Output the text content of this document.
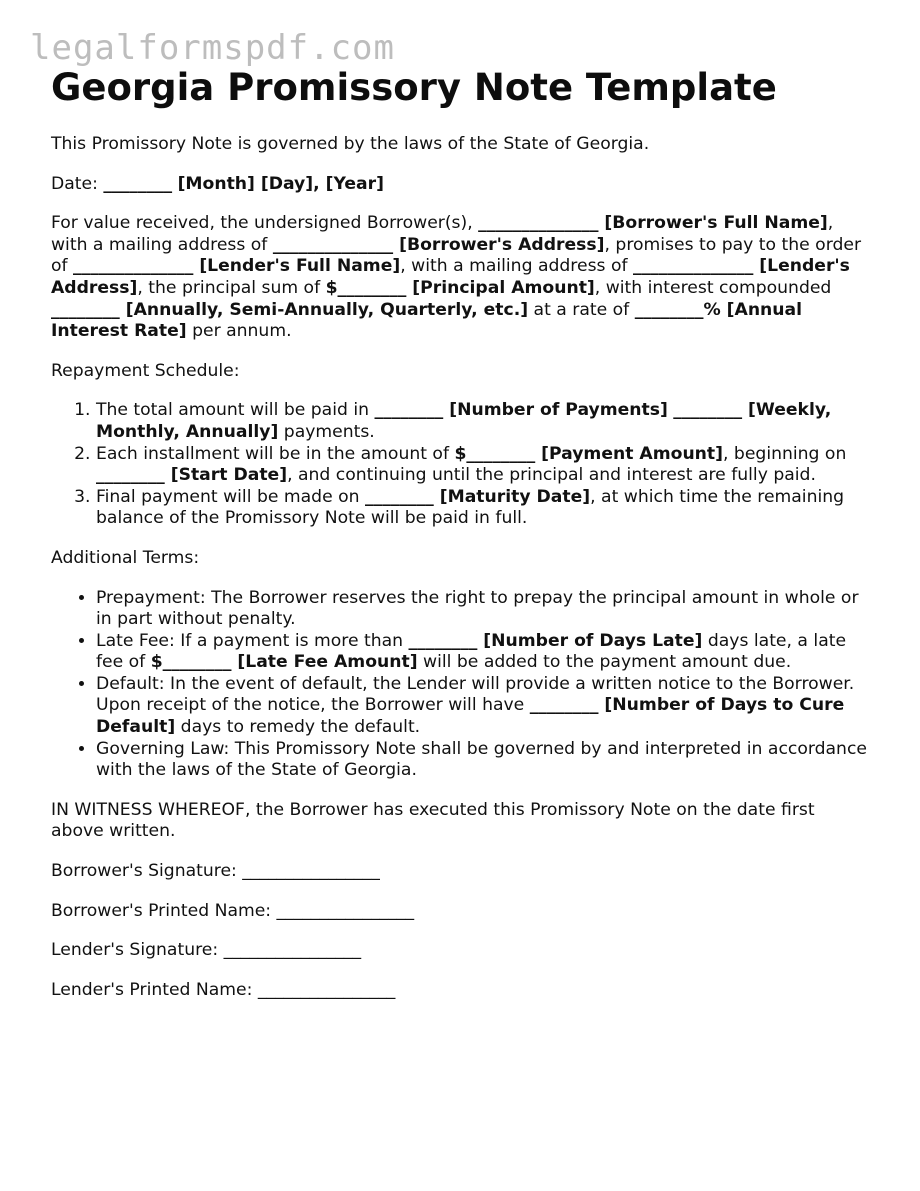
legalformspdf.com
Georgia Promissory Note Template

This Promissory Note is governed by the laws of the State of Georgia.

Date: ________ [Month] [Day], [Year]

For value received, the undersigned Borrower(s), ______________ [Borrower's Full Name], with a mailing address of ______________ [Borrower's Address], promises to pay to the order of ______________ [Lender's Full Name], with a mailing address of ______________ [Lender's Address], the principal sum of $________ [Principal Amount], with interest compounded ________ [Annually, Semi-Annually, Quarterly, etc.] at a rate of ________% [Annual Interest Rate] per annum.

Repayment Schedule:

1. The total amount will be paid in ________ [Number of Payments] ________ [Weekly, Monthly, Annually] payments.
2. Each installment will be in the amount of $________ [Payment Amount], beginning on ________ [Start Date], and continuing until the principal and interest are fully paid.
3. Final payment will be made on ________ [Maturity Date], at which time the remaining balance of the Promissory Note will be paid in full.

Additional Terms:

• Prepayment: The Borrower reserves the right to prepay the principal amount in whole or in part without penalty.
• Late Fee: If a payment is more than ________ [Number of Days Late] days late, a late fee of $________ [Late Fee Amount] will be added to the payment amount due.
• Default: In the event of default, the Lender will provide a written notice to the Borrower. Upon receipt of the notice, the Borrower will have ________ [Number of Days to Cure Default] days to remedy the default.
• Governing Law: This Promissory Note shall be governed by and interpreted in accordance with the laws of the State of Georgia.

IN WITNESS WHEREOF, the Borrower has executed this Promissory Note on the date first above written.

Borrower's Signature: ________________

Borrower's Printed Name: ________________

Lender's Signature: ________________

Lender's Printed Name: ________________
